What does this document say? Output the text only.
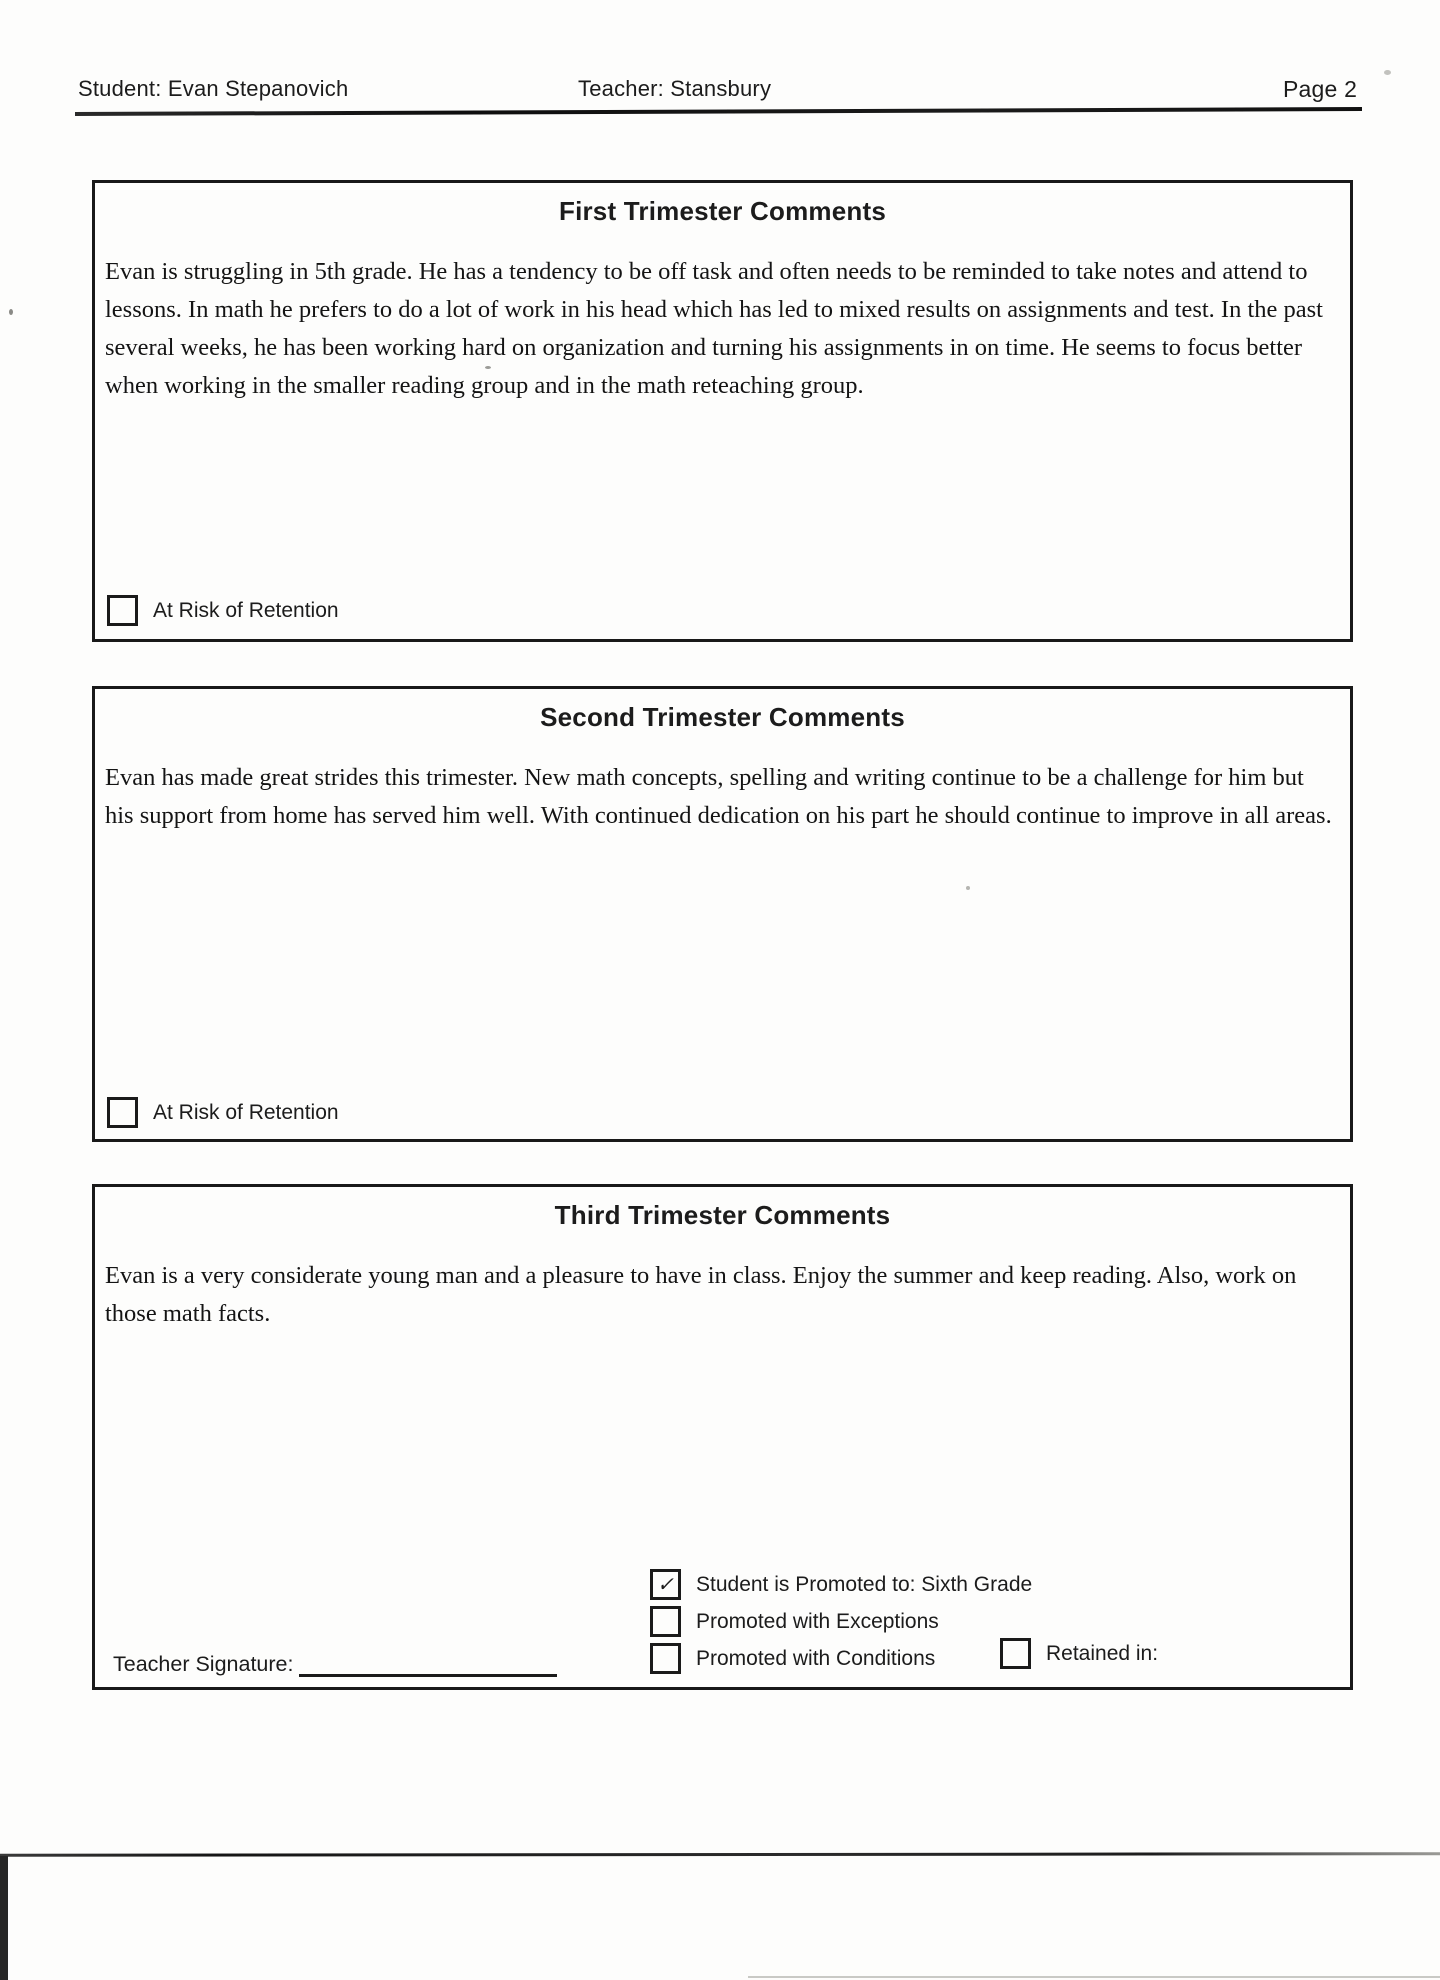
Student: Evan Stepanovich	Teacher: Stansbury	Page 2
First Trimester Comments
Evan is struggling in 5th grade. He has a tendency to be off task and often needs to be reminded to take notes and attend to lessons. In math he prefers to do a lot of work in his head which has led to mixed results on assignments and test. In the past several weeks, he has been working hard on organization and turning his assignments in on time. He seems to focus better when working in the smaller reading group and in the math reteaching group.
At Risk of Retention
Second Trimester Comments
Evan has made great strides this trimester. New math concepts, spelling and writing continue to be a challenge for him but his support from home has served him well. With continued dedication on his part he should continue to improve in all areas.
At Risk of Retention
Third Trimester Comments
Evan is a very considerate young man and a pleasure to have in class. Enjoy the summer and keep reading. Also, work on those math facts.
✓ Student is Promoted to: Sixth Grade
Promoted with Exceptions
Promoted with Conditions	Retained in:
Teacher Signature:
